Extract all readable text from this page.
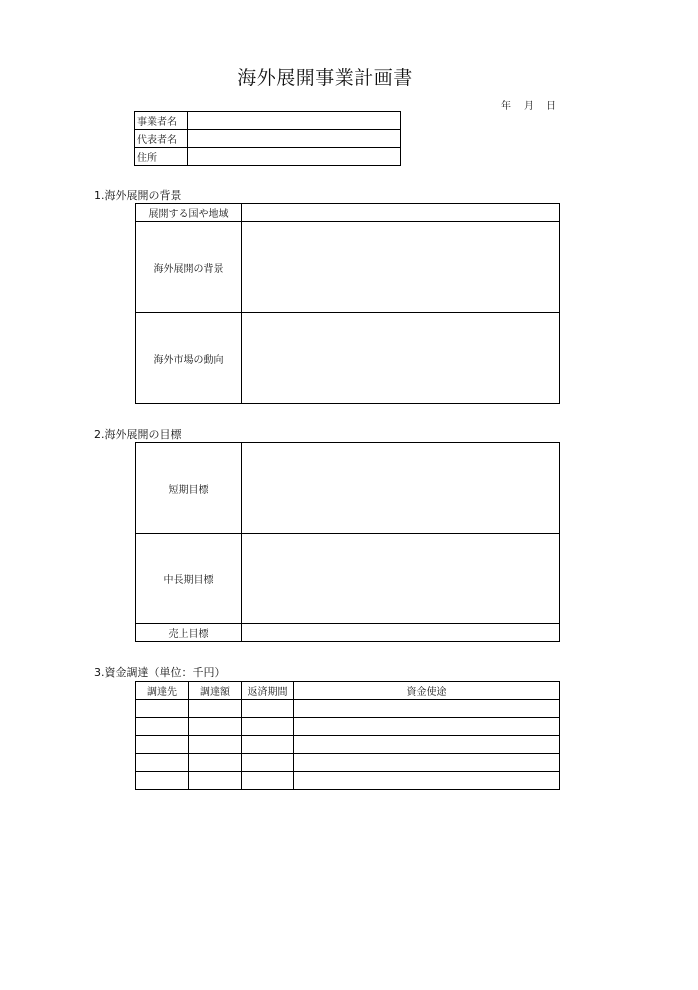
海外展開事業計画書
年 月 日
事業者名	
代表者名	
住所	
1.海外展開の背景
展開する国や地域	
海外展開の背景	
海外市場の動向	
2.海外展開の目標
短期目標	
中長期目標	
売上目標	
3.資金調達（単位：千円）
調達先	調達額	返済期間	資金使途
